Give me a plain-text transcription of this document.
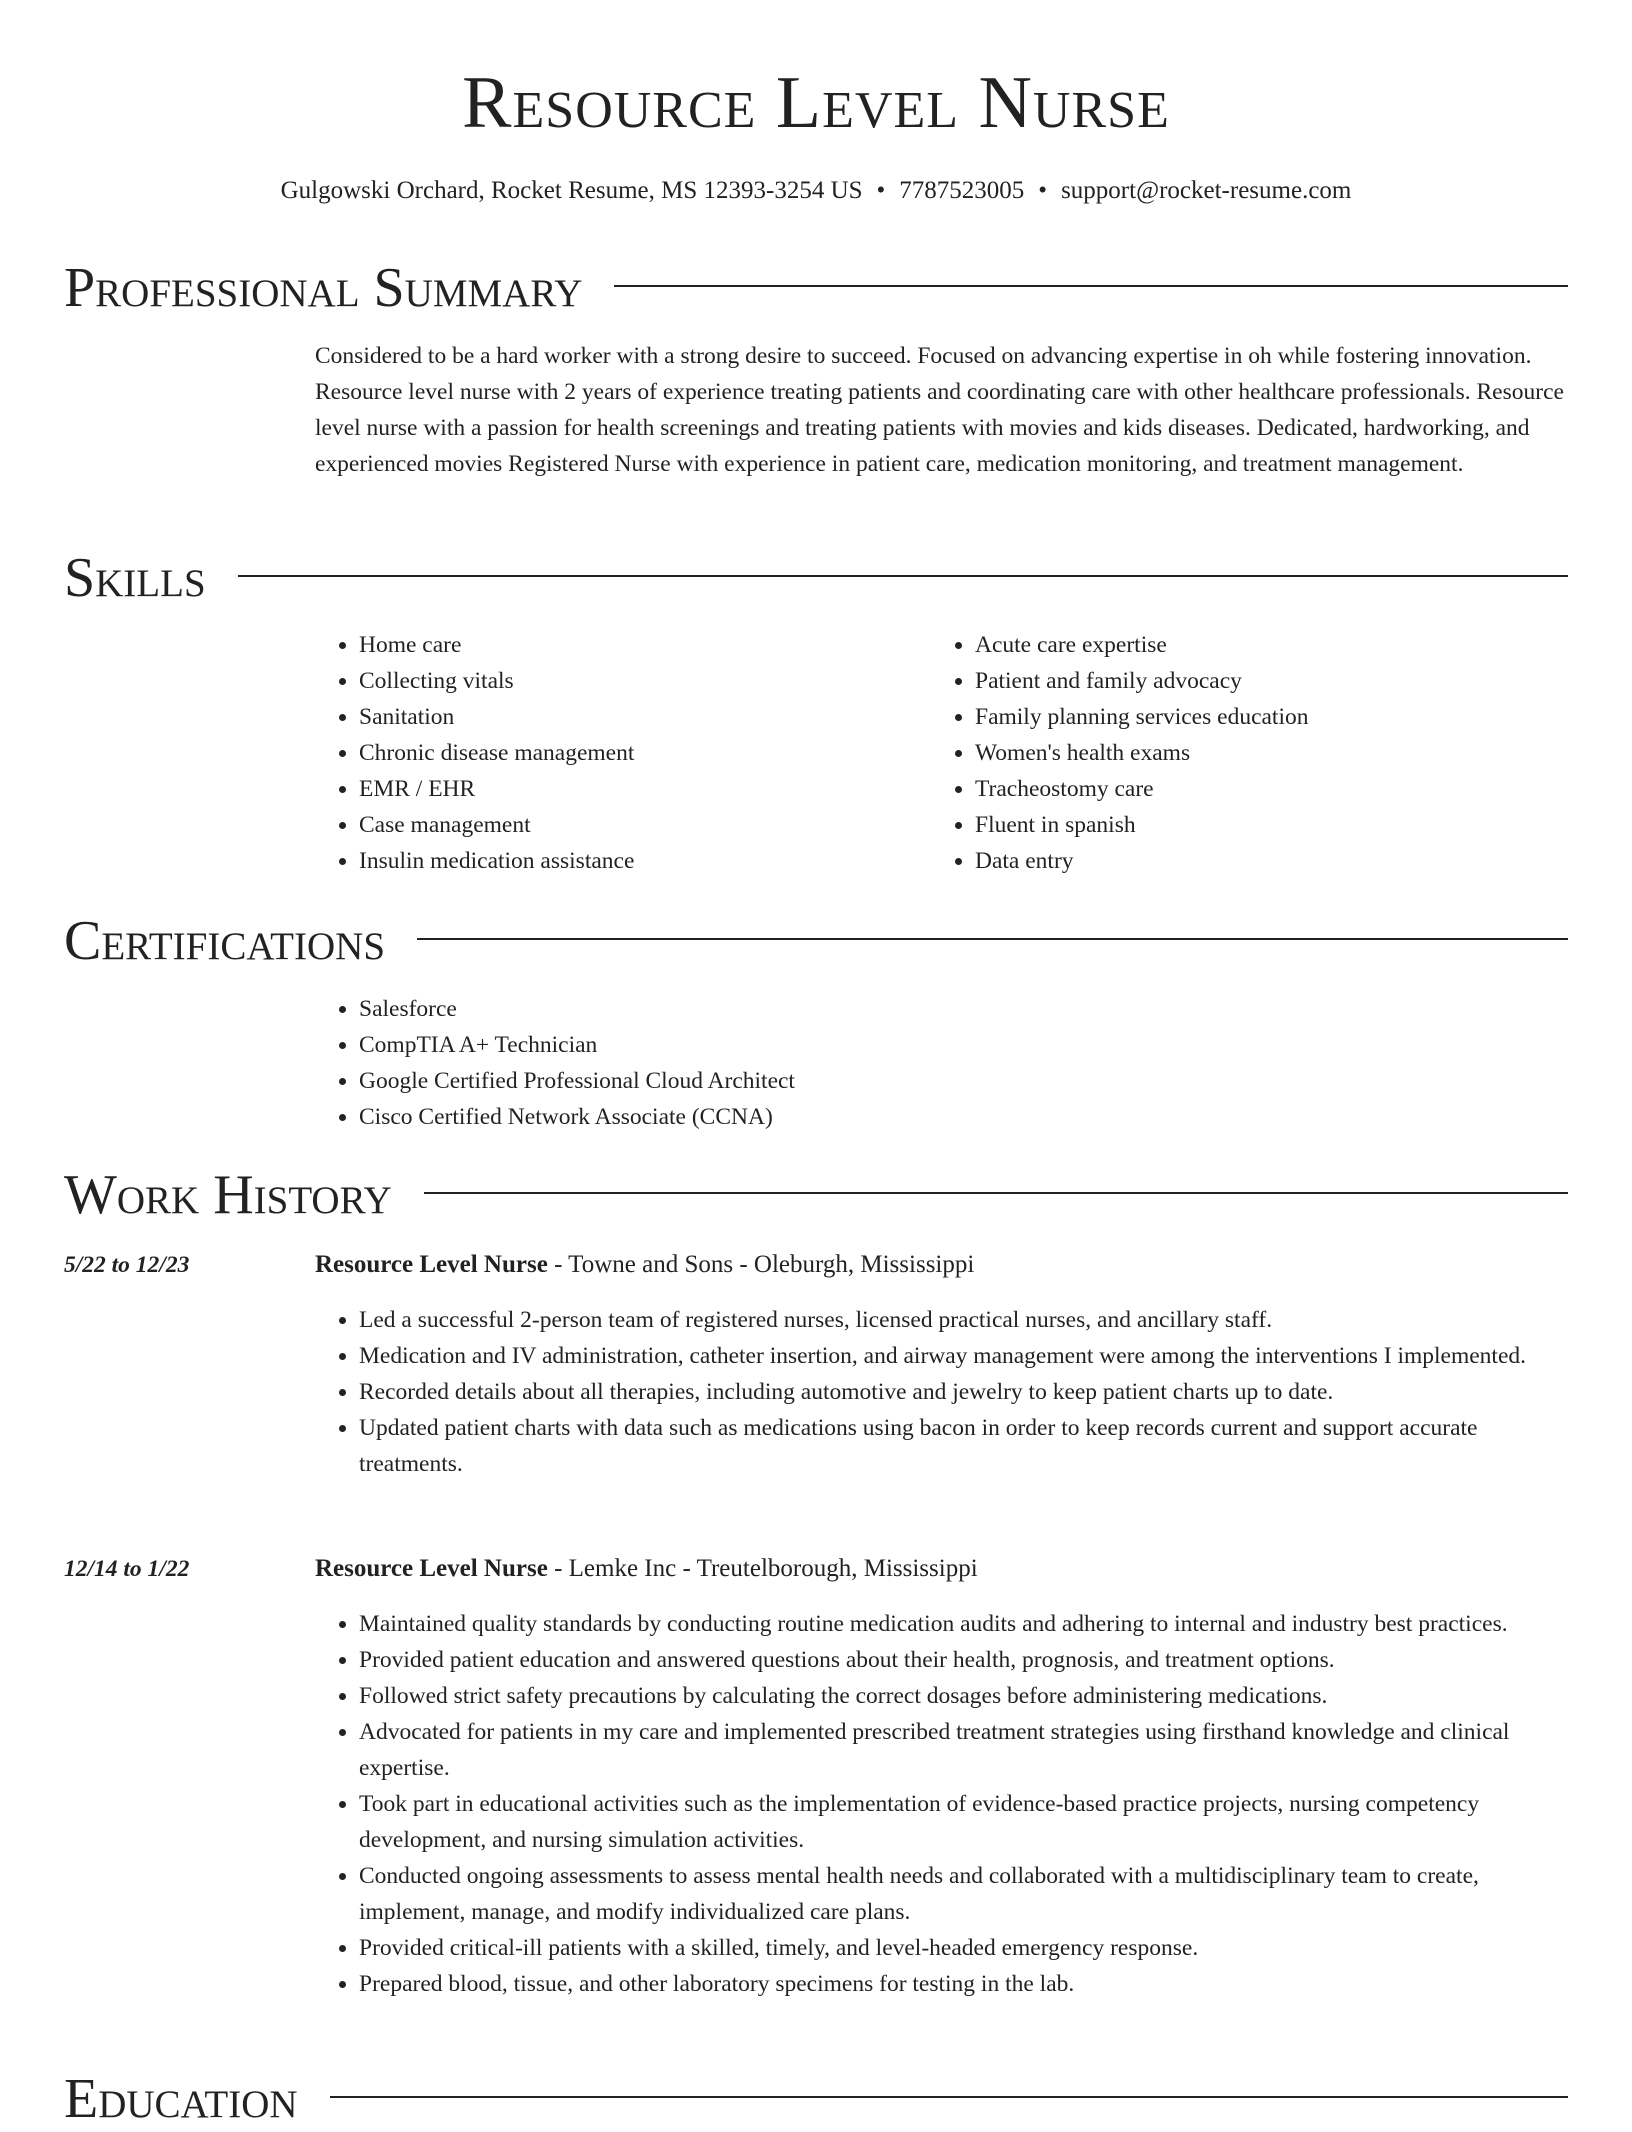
Resource Level Nurse
Gulgowski Orchard, Rocket Resume, MS 12393-3254 US • 7787523005 • support@rocket-resume.com
Professional Summary
Considered to be a hard worker with a strong desire to succeed. Focused on advancing expertise in oh while fostering innovation. Resource level nurse with 2 years of experience treating patients and coordinating care with other healthcare professionals. Resource level nurse with a passion for health screenings and treating patients with movies and kids diseases. Dedicated, hardworking, and experienced movies Registered Nurse with experience in patient care, medication monitoring, and treatment management.
Skills
• Home care
• Collecting vitals
• Sanitation
• Chronic disease management
• EMR / EHR
• Case management
• Insulin medication assistance
• Acute care expertise
• Patient and family advocacy
• Family planning services education
• Women's health exams
• Tracheostomy care
• Fluent in spanish
• Data entry
Certifications
• Salesforce
• CompTIA A+ Technician
• Google Certified Professional Cloud Architect
• Cisco Certified Network Associate (CCNA)
Work History
5/22 to 12/23	Resource Level Nurse - Towne and Sons - Oleburgh, Mississippi
• Led a successful 2-person team of registered nurses, licensed practical nurses, and ancillary staff.
• Medication and IV administration, catheter insertion, and airway management were among the interventions I implemented.
• Recorded details about all therapies, including automotive and jewelry to keep patient charts up to date.
• Updated patient charts with data such as medications using bacon in order to keep records current and support accurate treatments.
12/14 to 1/22	Resource Level Nurse - Lemke Inc - Treutelborough, Mississippi
• Maintained quality standards by conducting routine medication audits and adhering to internal and industry best practices.
• Provided patient education and answered questions about their health, prognosis, and treatment options.
• Followed strict safety precautions by calculating the correct dosages before administering medications.
• Advocated for patients in my care and implemented prescribed treatment strategies using firsthand knowledge and clinical expertise.
• Took part in educational activities such as the implementation of evidence-based practice projects, nursing competency development, and nursing simulation activities.
• Conducted ongoing assessments to assess mental health needs and collaborated with a multidisciplinary team to create, implement, manage, and modify individualized care plans.
• Provided critical-ill patients with a skilled, timely, and level-headed emergency response.
• Prepared blood, tissue, and other laboratory specimens for testing in the lab.
Education
